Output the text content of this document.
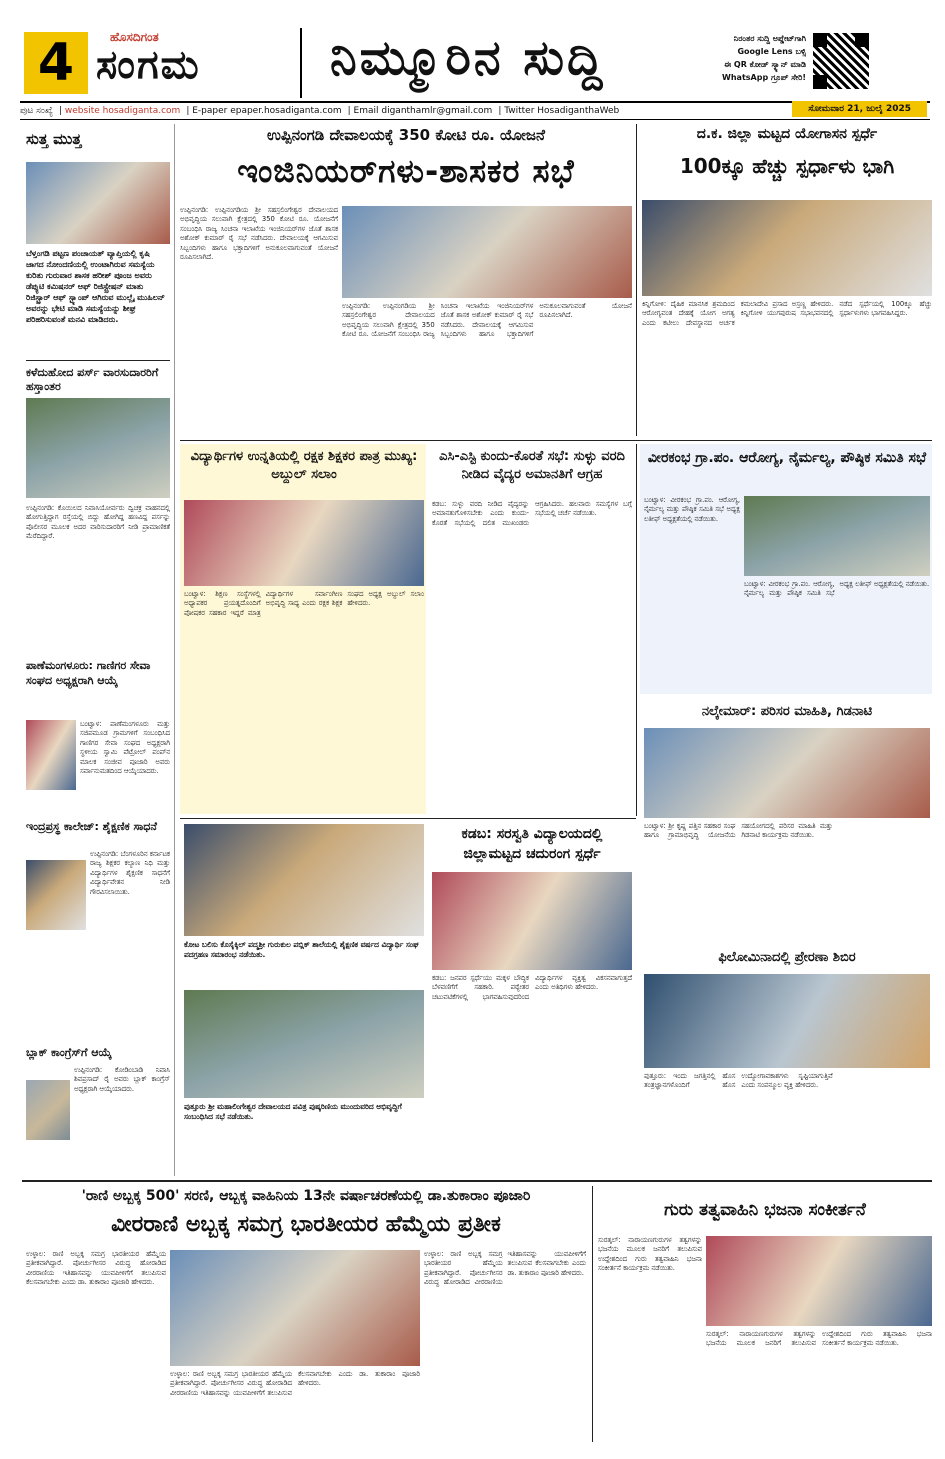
4	ಹೊಸದಿಗಂತ
ಸಂಗಮ	ನಿಮ್ಮೂರಿನ ಸುದ್ದಿ	ನಿರಂತರ ಸುದ್ದಿ ಅಪ್ಡೇಟ್‌ಗಾಗಿ
Google Lens ಬಳ್ಸಿ
ಈ QR ಕೋಡ್ ಸ್ಕ್ಯಾನ್ ಮಾಡಿ
WhatsApp ಗ್ರೂಪ್ ಸೇರಿ!
ಪುಟ ಸಂಖ್ಯೆ | website hosadiganta.com | E-paper epaper.hosadiganta.com | Email diganthamlr@gmail.com | Twitter HosadiganthaWeb	ಸೋಮವಾರ 21, ಜುಲೈ 2025
ಸುತ್ತ ಮುತ್ತ
ಬೆಳ್ತಂಗಡಿ ಪಟ್ಟಣ ಪಂಚಾಯತ್ ವ್ಯಾಪ್ತಿಯಲ್ಲಿ ಕೃಷಿ ಜಾಗದ ನೋಂದಣಿಯಲ್ಲಿ ಉಂಟಾಗಿರುವ ಸಮಸ್ಯೆಯ ಕುರಿತು ಗುರುವಾರ ಶಾಸಕ ಹರೀಶ್ ಪೂಂಜ ಅವರು ಡೆಪ್ಯುಟಿ ಕಮಿಷನರ್ ಆಫ್ ರಿಜಿಸ್ಟ್ರೇಷನ್ ಮಾತು ರಿಜಿಸ್ಟ್ರಾರ್ ಆಫ್ ಸ್ಟ್ಯಾಂಪ್ ಆಗಿರುವ ಮುಲ್ಲೈ ಮುಹಿಲನ್ ಅವರನ್ನು ಭೇಟಿ ಮಾಡಿ ಸಮಸ್ಯೆಯನ್ನು ಶೀಘ್ರ ಪರಿಹರಿಸುವಂತೆ ಮನವಿ ಮಾಡಿದರು.
ಕಳೆದುಹೋದ ಪರ್ಸ್ ವಾರಸುದಾರರಿಗೆ ಹಸ್ತಾಂತರ
ಉಪ್ಪಿನಂಗಡಿ: ಕೊಯಿಲದ ನಿವಾಸಿಯೋರ್ವರು ದ್ವಿಚಕ್ರ ವಾಹನದಲ್ಲಿ ಹೋಗುತ್ತಿದ್ದಾಗ ರಸ್ತೆಯಲ್ಲಿ ಬಿದ್ದು ಹೋಗಿದ್ದ ಹಣವಿದ್ದ ಪರ್ಸನ್ನು ಪೊಲೀಸರ ಮೂಲಕ ಅದರ ವಾರಿಸುದಾರರಿಗೆ ನೀಡಿ ಪ್ರಾಮಾಣಿಕತೆ ಮೆರೆದಿದ್ದಾರೆ.
ಪಾಣೆಮಂಗಳೂರು: ಗಾಣಿಗರ ಸೇವಾ ಸಂಘದ ಅಧ್ಯಕ್ಷರಾಗಿ ಆಯ್ಕೆ
ಬಂಟ್ವಾಳ: ಪಾಣೆಮಂಗಳೂರು ಮತ್ತು ಸಜಿಪಮೂಡ ಗ್ರಾಮಗಳಿಗೆ ಸಂಬಂಧಿಸಿದ ಗಾಣಿಗರ ಸೇವಾ ಸಂಘದ ಅಧ್ಯಕ್ಷರಾಗಿ ಸ್ಥಳೀಯ ಸ್ವಾಮಿ ಪೆಟ್ರೋಲ್ ಪಂಪ್‌ನ ಮಾಲಕ ಸಂಜೀವ ಪೂಜಾರಿ ಅವರು ಸರ್ವಾನುಮತದಿಂದ ಆಯ್ಕೆಯಾದರು.
ಇಂದ್ರಪ್ರಸ್ಥ ಕಾಲೇಜ್: ಶೈಕ್ಷಣಿಕ ಸಾಧನೆ
ಉಪ್ಪಿನಂಗಡಿ: ಬೆಂಗಳೂರಿನ ಕರ್ನಾಟಕ ರಾಜ್ಯ ಶಿಕ್ಷಕರ ಕಲ್ಯಾಣ ನಿಧಿ ಮತ್ತು ವಿದ್ಯಾರ್ಥಿಗಳ ಶೈಕ್ಷಣಿಕ ಸಾಧನೆಗೆ ವಿದ್ಯಾರ್ಥಿವೇತನ ನೀಡಿ ಗೌರವಿಸಲಾಯಿತು.
ಬ್ಲಾಕ್ ಕಾಂಗ್ರೆಸ್‌ಗೆ ಆಯ್ಕೆ
ಉಪ್ಪಿನಂಗಡಿ: ಕೋಡಿಂಬಾಡಿ ನಿವಾಸಿ ಶಿವಪ್ರಸಾದ್ ರೈ ಅವರು ಬ್ಲಾಕ್ ಕಾಂಗ್ರೆಸ್ ಅಧ್ಯಕ್ಷರಾಗಿ ಆಯ್ಕೆಯಾದರು.
ಉಪ್ಪಿನಂಗಡಿ ದೇವಾಲಯಕ್ಕೆ 350 ಕೋಟಿ ರೂ. ಯೋಜನೆ
ಇಂಜಿನಿಯರ್‌ಗಳು-ಶಾಸಕರ ಸಭೆ
ಉಪ್ಪಿನಂಗಡಿ: ಉಪ್ಪಿನಂಗಡಿಯ ಶ್ರೀ ಸಹಸ್ರಲಿಂಗೇಶ್ವರ ದೇವಾಲಯದ ಅಭಿವೃದ್ಧಿಯ ಸಲುವಾಗಿ ಕ್ಷೇತ್ರದಲ್ಲಿ 350 ಕೋಟಿ ರೂ. ಯೋಜನೆಗೆ ಸಂಬಂಧಿಸಿ ರಾಜ್ಯ ಸಿಂಚನಾ ಇಲಾಖೆಯ ಇಂಜಿನಿಯರ್‌ಗಳ ಜೊತೆ ಶಾಸಕ ಅಶೋಕ್ ಕುಮಾರ್ ರೈ ಸಭೆ ನಡೆಸಿದರು. ದೇವಾಲಯಕ್ಕೆ ಆಗಮಿಸುವ ಸಿಬ್ಬಂದಿಗಳು ಹಾಗೂ ಭಕ್ತಾದಿಗಳಿಗೆ ಅನುಕೂಲವಾಗುವಂತೆ ಯೋಜನೆ ರೂಪಿಸಲಾಗಿದೆ.
ಉಪ್ಪಿನಂಗಡಿ: ಉಪ್ಪಿನಂಗಡಿಯ ಶ್ರೀ ಸಹಸ್ರಲಿಂಗೇಶ್ವರ ದೇವಾಲಯದ ಅಭಿವೃದ್ಧಿಯ ಸಲುವಾಗಿ ಕ್ಷೇತ್ರದಲ್ಲಿ 350 ಕೋಟಿ ರೂ. ಯೋಜನೆಗೆ ಸಂಬಂಧಿಸಿ ರಾಜ್ಯ ಸಿಂಚನಾ ಇಲಾಖೆಯ ಇಂಜಿನಿಯರ್‌ಗಳ ಜೊತೆ ಶಾಸಕ ಅಶೋಕ್ ಕುಮಾರ್ ರೈ ಸಭೆ ನಡೆಸಿದರು. ದೇವಾಲಯಕ್ಕೆ ಆಗಮಿಸುವ ಸಿಬ್ಬಂದಿಗಳು ಹಾಗೂ ಭಕ್ತಾದಿಗಳಿಗೆ ಅನುಕೂಲವಾಗುವಂತೆ ಯೋಜನೆ ರೂಪಿಸಲಾಗಿದೆ.
ದ.ಕ. ಜಿಲ್ಲಾ ಮಟ್ಟದ ಯೋಗಾಸನ ಸ್ಪರ್ಧೆ
100ಕ್ಕೂ ಹೆಚ್ಚು ಸ್ಪರ್ಧಾಳು ಭಾಗಿ
ಕಿನ್ನಿಗೋಳಿ: ದೈಹಿಕ ಮಾನಸಿಕ ಶ್ರಮದಿಂದ ಆರೋಗ್ಯವಂತ ದೇಹಕ್ಕೆ ಯೋಗ ಅಗತ್ಯ ಎಂದು ಕಟೀಲು ದೇವಸ್ಥಾನದ ಅರ್ಚಕ ಕಮಲಾದೇವಿ ಪ್ರಸಾದ ಅಸ್ರಣ್ಣ ಹೇಳಿದರು. ಕಿನ್ನಿಗೋಳಿ ಯುಗಪುರುಷ ಸಭಾಭವನದಲ್ಲಿ ನಡೆದ ಸ್ಪರ್ಧೆಯಲ್ಲಿ 100ಕ್ಕೂ ಹೆಚ್ಚು ಸ್ಪರ್ಧಾಳುಗಳು ಭಾಗವಹಿಸಿದ್ದರು.
ವಿದ್ಯಾರ್ಥಿಗಳ ಉನ್ನತಿಯಲ್ಲಿ ರಕ್ಷಕ ಶಿಕ್ಷಕರ ಪಾತ್ರ ಮುಖ್ಯ: ಅಬ್ದುಲ್ ಸಲಾಂ
ಬಂಟ್ವಾಳ: ಶಿಕ್ಷಣ ಸಂಸ್ಥೆಗಳಲ್ಲಿ ಅಧ್ಯಾಪಕರ ಪ್ರಯತ್ನದೊಂದಿಗೆ ಪೋಷಕರ ಸಹಕಾರ ಇದ್ದರೆ ಮಾತ್ರ ವಿದ್ಯಾರ್ಥಿಗಳ ಸರ್ವಾಂಗೀಣ ಅಭಿವೃದ್ಧಿ ಸಾಧ್ಯ ಎಂದು ರಕ್ಷಕ ಶಿಕ್ಷಕ ಸಂಘದ ಅಧ್ಯಕ್ಷ ಅಬ್ದುಲ್ ಸಲಾಂ ಹೇಳಿದರು.
ಎಸಿ-ಎಸ್ಟಿ ಕುಂದು-ಕೊರತೆ ಸಭೆ: ಸುಳ್ಳು ವರದಿ ನೀಡಿದ ವೈದ್ಯರ ಅಮಾನತಿಗೆ ಆಗ್ರಹ
ಕಡಬ: ಸುಳ್ಳು ವರದಿ ನೀಡಿದ ವೈದ್ಯರನ್ನು ಅಮಾನತುಗೊಳಿಸಬೇಕು ಎಂದು ಕುಂದು-ಕೊರತೆ ಸಭೆಯಲ್ಲಿ ದಲಿತ ಮುಖಂಡರು ಆಗ್ರಹಿಸಿದರು. ಹಲವಾರು ಸಮಸ್ಯೆಗಳ ಬಗ್ಗೆ ಸಭೆಯಲ್ಲಿ ಚರ್ಚೆ ನಡೆಯಿತು.
ವೀರಕಂಭ ಗ್ರಾ.ಪಂ. ಆರೋಗ್ಯ, ನೈರ್ಮಲ್ಯ, ಪೌಷ್ಠಿಕ ಸಮಿತಿ ಸಭೆ
ಬಂಟ್ವಾಳ: ವೀರಕಂಭ ಗ್ರಾ.ಪಂ. ಆರೋಗ್ಯ, ನೈರ್ಮಲ್ಯ ಮತ್ತು ಪೌಷ್ಠಿಕ ಸಮಿತಿ ಸಭೆ ಅಧ್ಯಕ್ಷ ಲತೀಫ್ ಅಧ್ಯಕ್ಷತೆಯಲ್ಲಿ ನಡೆಯಿತು.
ಬಂಟ್ವಾಳ: ವೀರಕಂಭ ಗ್ರಾ.ಪಂ. ಆರೋಗ್ಯ, ನೈರ್ಮಲ್ಯ ಮತ್ತು ಪೌಷ್ಠಿಕ ಸಮಿತಿ ಸಭೆ ಅಧ್ಯಕ್ಷ ಲತೀಫ್ ಅಧ್ಯಕ್ಷತೆಯಲ್ಲಿ ನಡೆಯಿತು.
ನಲ್ಕೇಮಾರ್: ಪರಿಸರ ಮಾಹಿತಿ, ಗಿಡನಾಟಿ
ಬಂಟ್ವಾಳ: ಶ್ರೀ ಕೃಷ್ಣ ಪತ್ತಿನ ಸಹಕಾರ ಸಂಘ ಹಾಗೂ ಗ್ರಾಮಾಭಿವೃದ್ಧಿ ಯೋಜನೆಯ ಸಹಯೋಗದಲ್ಲಿ ಪರಿಸರ ಮಾಹಿತಿ ಮತ್ತು ಗಿಡನಾಟಿ ಕಾರ್ಯಕ್ರಮ ನಡೆಯಿತು.
ಫಿಲೋಮಿನಾದಲ್ಲಿ ಪ್ರೇರಣಾ ಶಿಬಿರ
ಪುತ್ತೂರು: ಇಂದು ಜಗತ್ತಿನಲ್ಲಿ ಹೊಸ ತಂತ್ರಜ್ಞಾನಗಳೊಂದಿಗೆ ಹೊಸ ಉದ್ಯೋಗಾವಕಾಶಗಳು ಸೃಷ್ಟಿಯಾಗುತ್ತಿವೆ ಎಂದು ಸಂಪನ್ಮೂಲ ವ್ಯಕ್ತಿ ಹೇಳಿದರು.
ಕೋಟ ಬಲಿಸು ಕೊಸೈಕ್ಕಿಲ್ ಪದ್ಮಶ್ರೀ ಗುರುಕುಲ ಪಬ್ಲಿಕ್ ಶಾಲೆಯಲ್ಲಿ ಶೈಕ್ಷಣಿಕ ವರ್ಷದ ವಿದ್ಯಾರ್ಥಿ ಸಂಘ ಪದಗ್ರಹಣ ಸಮಾರಂಭ ನಡೆಯಿತು.
ಪುತ್ತೂರು ಶ್ರೀ ಮಹಾಲಿಂಗೇಶ್ವರ ದೇವಾಲಯದ ಪವಿತ್ರ ಪುಷ್ಕರಿಣಿಯ ಮುಂದುವರಿದ ಅಭಿವೃದ್ಧಿಗೆ ಸಂಬಂಧಿಸಿದ ಸಭೆ ನಡೆಯಿತು.
ಕಡಬ: ಸರಸ್ವತಿ ವಿದ್ಯಾಲಯದಲ್ಲಿ ಜಿಲ್ಲಾಮಟ್ಟದ ಚದುರಂಗ ಸ್ಪರ್ಧೆ
ಕಡಬ: ಜನಪರ ಸ್ಪರ್ಧೆಯು ಮಕ್ಕಳ ಬೌದ್ಧಿಕ ಬೆಳವಣಿಗೆಗೆ ಸಹಕಾರಿ. ಪಠ್ಯೇತರ ಚಟುವಟಿಕೆಗಳಲ್ಲಿ ಭಾಗವಹಿಸುವುದರಿಂದ ವಿದ್ಯಾರ್ಥಿಗಳ ವ್ಯಕ್ತಿತ್ವ ವಿಕಸನವಾಗುತ್ತದೆ ಎಂದು ಅತಿಥಿಗಳು ಹೇಳಿದರು.
'ರಾಣಿ ಅಬ್ಬಕ್ಕ 500' ಸರಣಿ, ಆಬ್ಬಕ್ಕ ವಾಹಿನಿಯ 13ನೇ ವರ್ಷಾಚರಣೆಯಲ್ಲಿ ಡಾ.ತುಕಾರಾಂ ಪೂಜಾರಿ
ವೀರರಾಣಿ ಅಬ್ಬಕ್ಕ ಸಮಗ್ರ ಭಾರತೀಯರ ಹೆಮ್ಮೆಯ ಪ್ರತೀಕ
ಉಳ್ಳಾಲ: ರಾಣಿ ಅಬ್ಬಕ್ಕ ಸಮಗ್ರ ಭಾರತೀಯರ ಹೆಮ್ಮೆಯ ಪ್ರತೀಕವಾಗಿದ್ದಾರೆ. ಪೋರ್ಚುಗೀಸರ ವಿರುದ್ಧ ಹೋರಾಡಿದ ವೀರರಾಣಿಯ ಇತಿಹಾಸವನ್ನು ಯುವಪೀಳಿಗೆಗೆ ತಲುಪಿಸುವ ಕೆಲಸವಾಗಬೇಕು ಎಂದು ಡಾ. ತುಕಾರಾಂ ಪೂಜಾರಿ ಹೇಳಿದರು.
ಉಳ್ಳಾಲ: ರಾಣಿ ಅಬ್ಬಕ್ಕ ಸಮಗ್ರ ಭಾರತೀಯರ ಹೆಮ್ಮೆಯ ಪ್ರತೀಕವಾಗಿದ್ದಾರೆ. ಪೋರ್ಚುಗೀಸರ ವಿರುದ್ಧ ಹೋರಾಡಿದ ವೀರರಾಣಿಯ ಇತಿಹಾಸವನ್ನು ಯುವಪೀಳಿಗೆಗೆ ತಲುಪಿಸುವ ಕೆಲಸವಾಗಬೇಕು ಎಂದು ಡಾ. ತುಕಾರಾಂ ಪೂಜಾರಿ ಹೇಳಿದರು.
ಉಳ್ಳಾಲ: ರಾಣಿ ಅಬ್ಬಕ್ಕ ಸಮಗ್ರ ಭಾರತೀಯರ ಹೆಮ್ಮೆಯ ಪ್ರತೀಕವಾಗಿದ್ದಾರೆ. ಪೋರ್ಚುಗೀಸರ ವಿರುದ್ಧ ಹೋರಾಡಿದ ವೀರರಾಣಿಯ ಇತಿಹಾಸವನ್ನು ಯುವಪೀಳಿಗೆಗೆ ತಲುಪಿಸುವ ಕೆಲಸವಾಗಬೇಕು ಎಂದು ಡಾ. ತುಕಾರಾಂ ಪೂಜಾರಿ ಹೇಳಿದರು.
ಗುರು ತತ್ವವಾಹಿನಿ ಭಜನಾ ಸಂಕೀರ್ತನೆ
ಸುರತ್ಕಲ್: ನಾರಾಯಣಗುರುಗಳ ತತ್ವಗಳನ್ನು ಭಜನೆಯ ಮೂಲಕ ಜನರಿಗೆ ತಲುಪಿಸುವ ಉದ್ದೇಶದಿಂದ ಗುರು ತತ್ವವಾಹಿನಿ ಭಜನಾ ಸಂಕೀರ್ತನೆ ಕಾರ್ಯಕ್ರಮ ನಡೆಯಿತು.
ಸುರತ್ಕಲ್: ನಾರಾಯಣಗುರುಗಳ ತತ್ವಗಳನ್ನು ಭಜನೆಯ ಮೂಲಕ ಜನರಿಗೆ ತಲುಪಿಸುವ ಉದ್ದೇಶದಿಂದ ಗುರು ತತ್ವವಾಹಿನಿ ಭಜನಾ ಸಂಕೀರ್ತನೆ ಕಾರ್ಯಕ್ರಮ ನಡೆಯಿತು.
